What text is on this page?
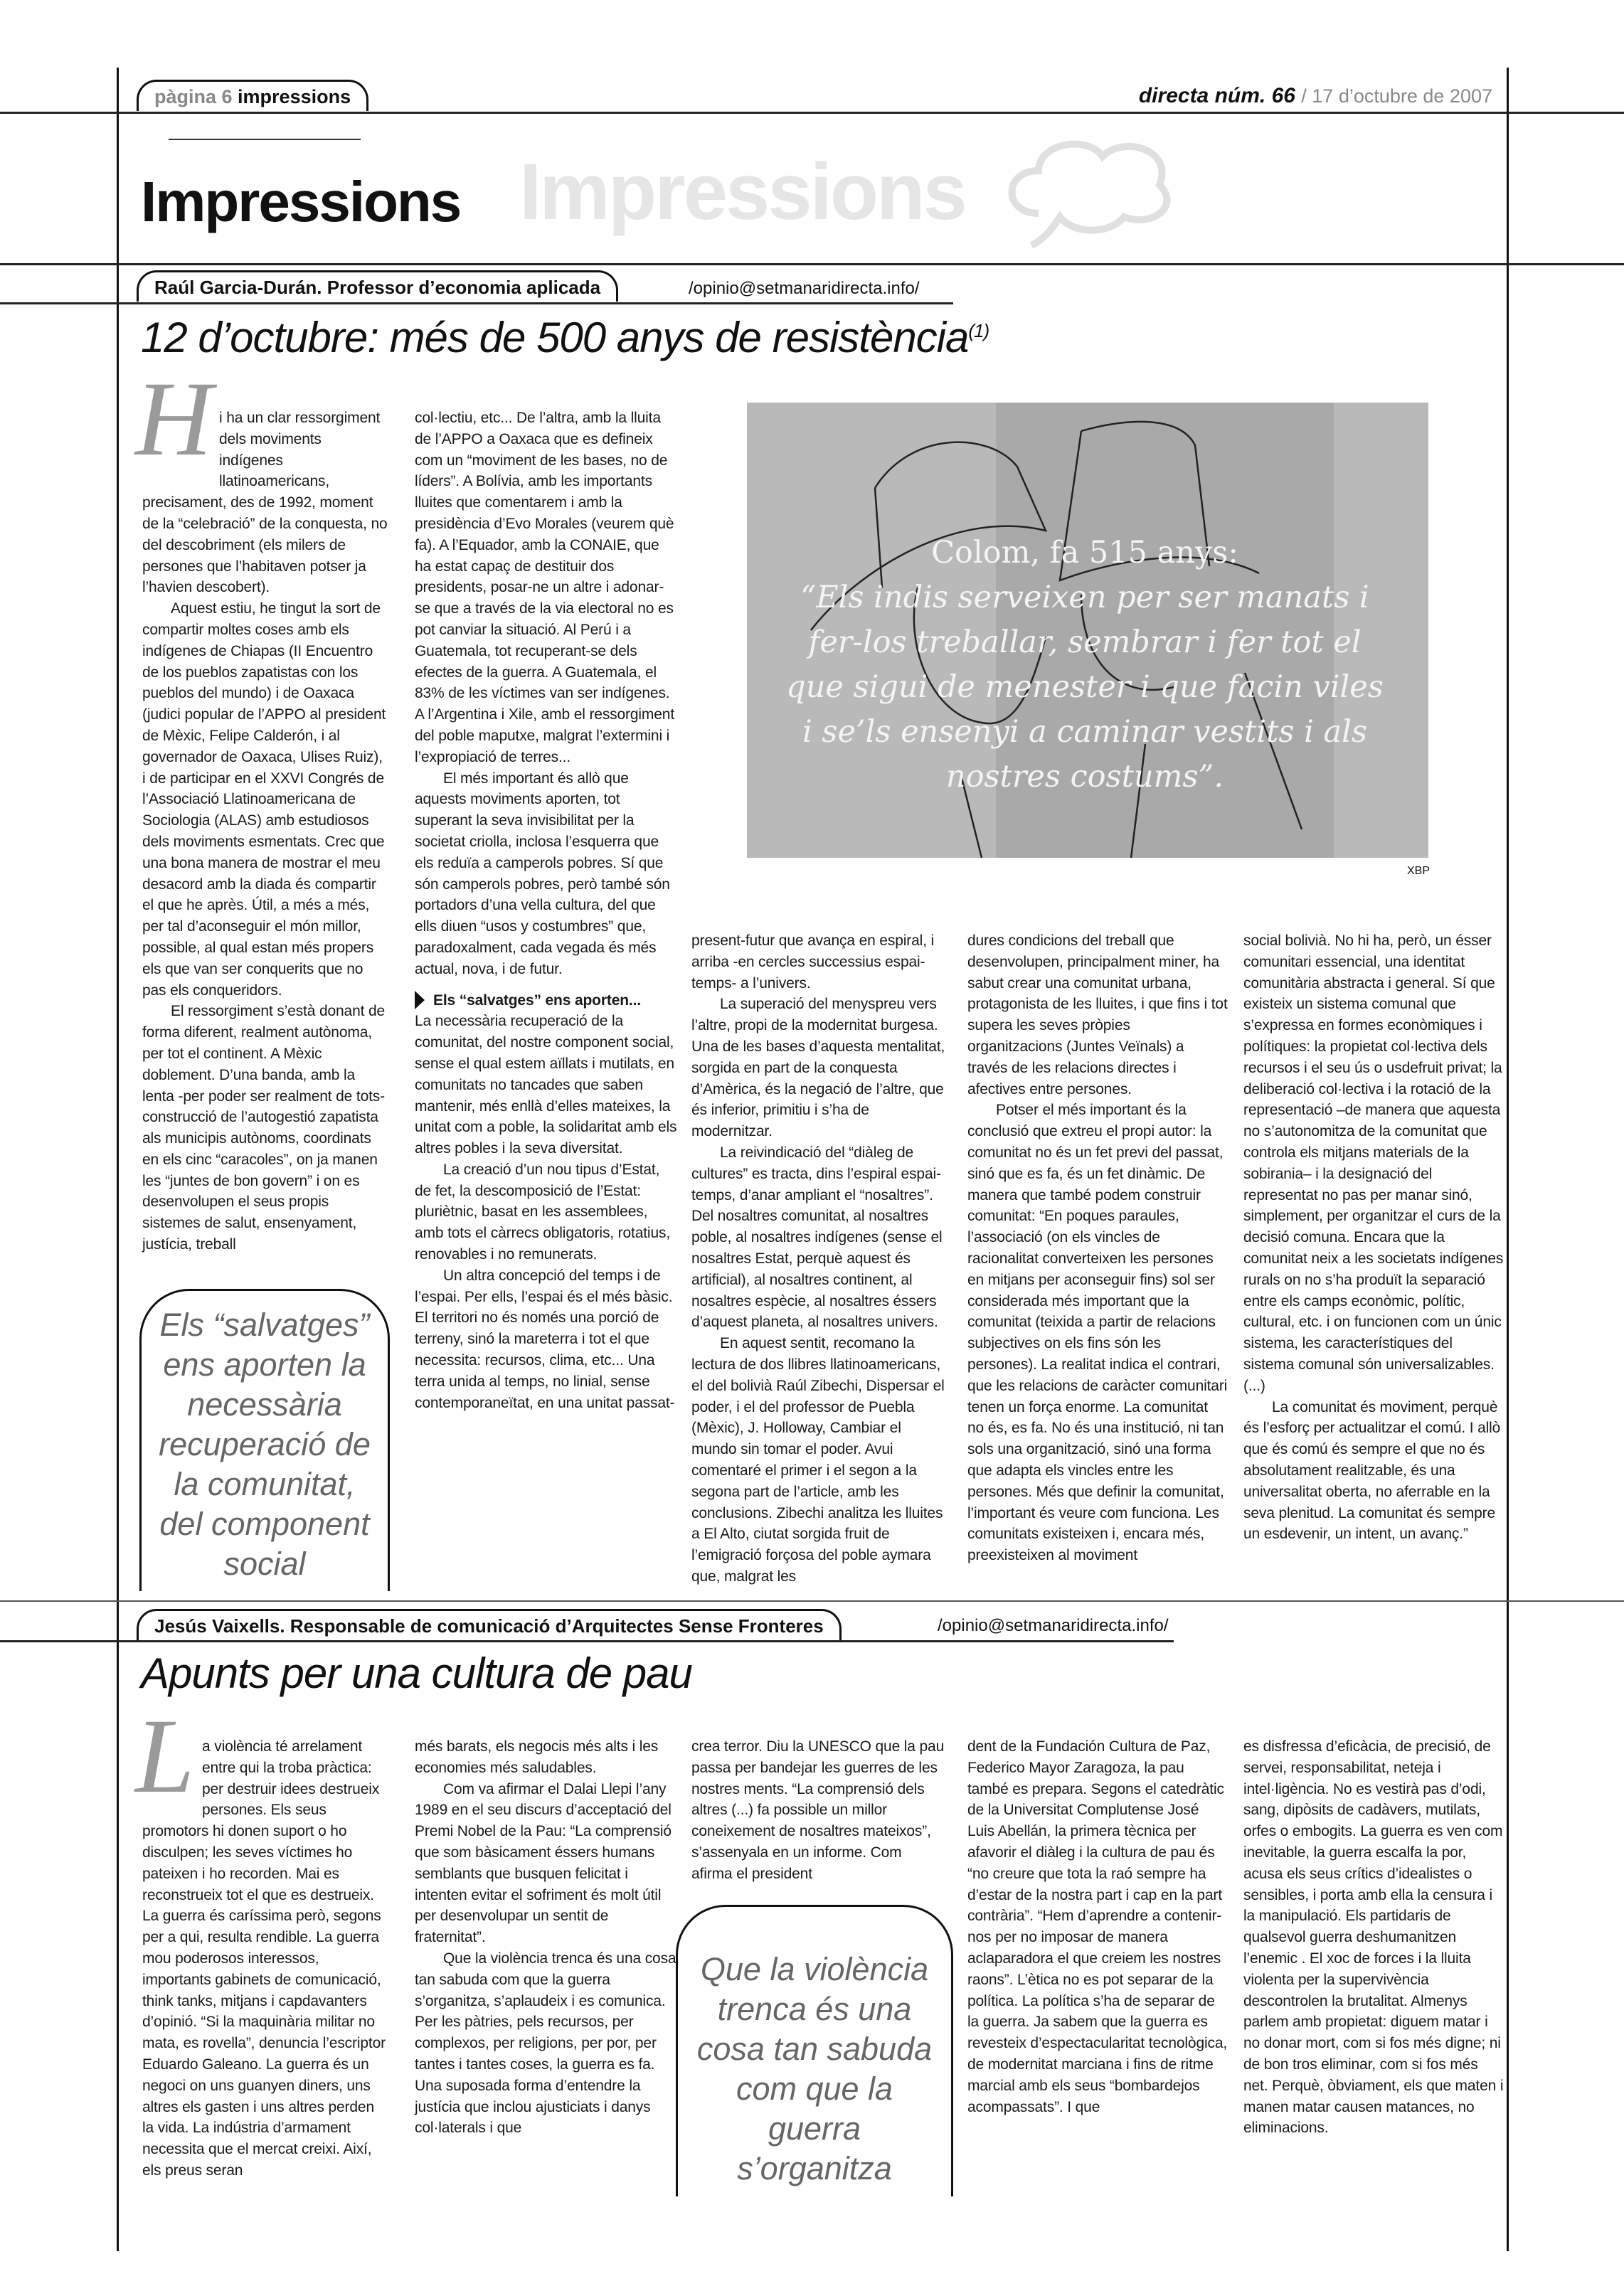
pàgina 6 impressions	directa núm. 66 / 17 d’octubre de 2007
Impressions Impressions
Raúl Garcia-Durán. Professor d’economia aplicada	/opinio@setmanaridirecta.info/
12 d’octubre: més de 500 anys de resistència$^{(1)}$
H i ha un clar ressorgiment dels moviments indígenes llatinoamericans, precisament, des de 1992, moment de la “celebració” de la conquesta, no del descobriment (els milers de persones que l’habitaven potser ja l’havien descobert).

Aquest estiu, he tingut la sort de compartir moltes coses amb els indígenes de Chiapas (II Encuentro de los pueblos zapatistas con los pueblos del mundo) i de Oaxaca (judici popular de l’APPO al president de Mèxic, Felipe Calderón, i al governador de Oaxaca, Ulises Ruiz), i de participar en el XXVI Congrés de l’Associació Llatinoamericana de Sociologia (ALAS) amb estudiosos dels moviments esmentats. Crec que una bona manera de mostrar el meu desacord amb la diada és compartir el que he après. Útil, a més a més, per tal d’aconseguir el món millor, possible, al qual estan més propers els que van ser conquerits que no pas els conqueridors.

El ressorgiment s’està donant de forma diferent, realment autònoma, per tot el continent. A Mèxic doblement. D’una banda, amb la lenta -per poder ser realment de tots- construcció de l’autogestió zapatista als municipis autònoms, coordinats en els cinc “caracoles”, on ja manen les “juntes de bon govern” i on es desenvolupen el seus propis sistemes de salut, ensenyament, justícia, treball

col·lectiu, etc... De l’altra, amb la lluita de l’APPO a Oaxaca que es defineix com un “moviment de les bases, no de líders”. A Bolívia, amb les importants lluites que comentarem i amb la presidència d’Evo Morales (veurem què fa). A l’Equador, amb la CONAIE, que ha estat capaç de destituir dos presidents, posar-ne un altre i adonar-se que a través de la via electoral no es pot canviar la situació. Al Perú i a Guatemala, tot recuperant-se dels efectes de la guerra. A Guatemala, el 83% de les víctimes van ser indígenes. A l’Argentina i Xile, amb el ressorgiment del poble maputxe, malgrat l’extermini i l’expropiació de terres...

El més important és allò que aquests moviments aporten, tot superant la seva invisibilitat per la societat criolla, inclosa l’esquerra que els reduïa a camperols pobres. Sí que són camperols pobres, però també són portadors d’una vella cultura, del que ells diuen “usos y costumbres” que, paradoxalment, cada vegada és més actual, nova, i de futur.

Els “salvatges” ens aporten...

La necessària recuperació de la comunitat, del nostre component social, sense el qual estem aïllats i mutilats, en comunitats no tancades que saben mantenir, més enllà d’elles mateixes, la unitat com a poble, la solidaritat amb els altres pobles i la seva diversitat.

La creació d’un nou tipus d’Estat, de fet, la descomposició de l’Estat: pluriètnic, basat en les assemblees, amb tots el càrrecs obligatoris, rotatius, renovables i no remunerats.

Un altra concepció del temps i de l’espai. Per ells, l’espai és el més bàsic. El territori no és només una porció de terreny, sinó la mareterra i tot el que necessita: recursos, clima, etc... Una terra unida al temps, no linial, sense contemporaneïtat, en una unitat passat-

Colom, fa 515 anys:
“Els indis serveixen per ser manats i fer-los treballar, sembrar i fer tot el que sigui de menester i que facin viles i se’ls ensenyi a caminar vestits i als nostres costums”.
XBP

present-futur que avança en espiral, i arriba -en cercles successius espai-temps- a l’univers.

La superació del menyspreu vers l’altre, propi de la modernitat burgesa. Una de les bases d’aquesta mentalitat, sorgida en part de la conquesta d’Amèrica, és la negació de l’altre, que és inferior, primitiu i s’ha de modernitzar.

La reivindicació del “diàleg de cultures” es tracta, dins l’espiral espai-temps, d’anar ampliant el “nosaltres”. Del nosaltres comunitat, al nosaltres poble, al nosaltres indígenes (sense el nosaltres Estat, perquè aquest és artificial), al nosaltres continent, al nosaltres espècie, al nosaltres éssers d’aquest planeta, al nosaltres univers.

En aquest sentit, recomano la lectura de dos llibres llatinoamericans, el del bolivià Raúl Zibechi, Dispersar el poder, i el del professor de Puebla (Mèxic), J. Holloway, Cambiar el mundo sin tomar el poder. Avui comentaré el primer i el segon a la segona part de l’article, amb les conclusions. Zibechi analitza les lluites a El Alto, ciutat sorgida fruit de l’emigració forçosa del poble aymara que, malgrat les

dures condicions del treball que desenvolupen, principalment miner, ha sabut crear una comunitat urbana, protagonista de les lluites, i que fins i tot supera les seves pròpies organitzacions (Juntes Veïnals) a través de les relacions directes i afectives entre persones.

Potser el més important és la conclusió que extreu el propi autor: la comunitat no és un fet previ del passat, sinó que es fa, és un fet dinàmic. De manera que també podem construir comunitat: “En poques paraules, l’associació (on els vincles de racionalitat converteixen les persones en mitjans per aconseguir fins) sol ser considerada més important que la comunitat (teixida a partir de relacions subjectives on els fins són les persones). La realitat indica el contrari, que les relacions de caràcter comunitari tenen un força enorme. La comunitat no és, es fa. No és una institució, ni tan sols una organització, sinó una forma que adapta els vincles entre les persones. Més que definir la comunitat, l’important és veure com funciona. Les comunitats existeixen i, encara més, preexisteixen al moviment

social bolivià. No hi ha, però, un ésser comunitari essencial, una identitat comunitària abstracta i general. Sí que existeix un sistema comunal que s’expressa en formes econòmiques i polítiques: la propietat col·lectiva dels recursos i el seu ús o usdefruit privat; la deliberació col·lectiva i la rotació de la representació –de manera que aquesta no s’autonomitza de la comunitat que controla els mitjans materials de la sobirania– i la designació del representat no pas per manar sinó, simplement, per organitzar el curs de la decisió comuna. Encara que la comunitat neix a les societats indígenes rurals on no s’ha produït la separació entre els camps econòmic, polític, cultural, etc. i on funcionen com un únic sistema, les característiques del sistema comunal són universalizables. (...)

La comunitat és moviment, perquè és l’esforç per actualitzar el comú. I allò que és comú és sempre el que no és absolutament realitzable, és una universalitat oberta, no aferrable en la seva plenitud. La comunitat és sempre un esdevenir, un intent, un avanç.”

Els “salvatges” ens aporten la necessària recuperació de la comunitat, del component social
Jesús Vaixells. Responsable de comunicació d’Arquitectes Sense Fronteres	/opinio@setmanaridirecta.info/
Apunts per una cultura de pau
L a violència té arrelament entre qui la troba pràctica: per destruir idees destrueix persones. Els seus promotors hi donen suport o ho disculpen; les seves víctimes ho pateixen i ho recorden. Mai es reconstrueix tot el que es destrueix. La guerra és caríssima però, segons per a qui, resulta rendible. La guerra mou poderosos interessos, importants gabinets de comunicació, think tanks, mitjans i capdavanters d’opinió. “Si la maquinària militar no mata, es rovella”, denuncia l’escriptor Eduardo Galeano. La guerra és un negoci on uns guanyen diners, uns altres els gasten i uns altres perden la vida. La indústria d’armament necessita que el mercat creixi. Així, els preus seran

més barats, els negocis més alts i les economies més saludables.

Com va afirmar el Dalai Llepi l’any 1989 en el seu discurs d’acceptació del Premi Nobel de la Pau: “La comprensió que som bàsicament éssers humans semblants que busquen felicitat i intenten evitar el sofriment és molt útil per desenvolupar un sentit de fraternitat”.

Que la violència trenca és una cosa tan sabuda com que la guerra s’organitza, s’aplaudeix i es comunica. Per les pàtries, pels recursos, per complexos, per religions, per por, per tantes i tantes coses, la guerra es fa. Una suposada forma d’entendre la justícia que inclou ajusticiats i danys col·laterals i que

crea terror. Diu la UNESCO que la pau passa per bandejar les guerres de les nostres ments. “La comprensió dels altres (...) fa possible un millor coneixement de nosaltres mateixos”, s’assenyala en un informe. Com afirma el president

dent de la Fundación Cultura de Paz, Federico Mayor Zaragoza, la pau també es prepara. Segons el catedràtic de la Universitat Complutense José Luis Abellán, la primera tècnica per afavorir el diàleg i la cultura de pau és “no creure que tota la raó sempre ha d’estar de la nostra part i cap en la part contrària”. “Hem d’aprendre a contenir-nos per no imposar de manera aclaparadora el que creiem les nostres raons”. L’ètica no es pot separar de la política. La política s’ha de separar de la guerra. Ja sabem que la guerra es revesteix d’espectacularitat tecnològica, de modernitat marciana i fins de ritme marcial amb els seus “bombardejos acompassats”. I que

es disfressa d’eficàcia, de precisió, de servei, responsabilitat, neteja i intel·ligència. No es vestirà pas d’odi, sang, dipòsits de cadàvers, mutilats, orfes o embogits. La guerra es ven com inevitable, la guerra escalfa la por, acusa els seus crítics d’idealistes o sensibles, i porta amb ella la censura i la manipulació. Els partidaris de qualsevol guerra deshumanitzen l’enemic . El xoc de forces i la lluita violenta per la supervivència descontrolen la brutalitat. Almenys parlem amb propietat: diguem matar i no donar mort, com si fos més digne; ni de bon tros eliminar, com si fos més net. Perquè, òbviament, els que maten i manen matar causen matances, no eliminacions.

Que la violència trenca és una cosa tan sabuda com que la guerra s’organitza
